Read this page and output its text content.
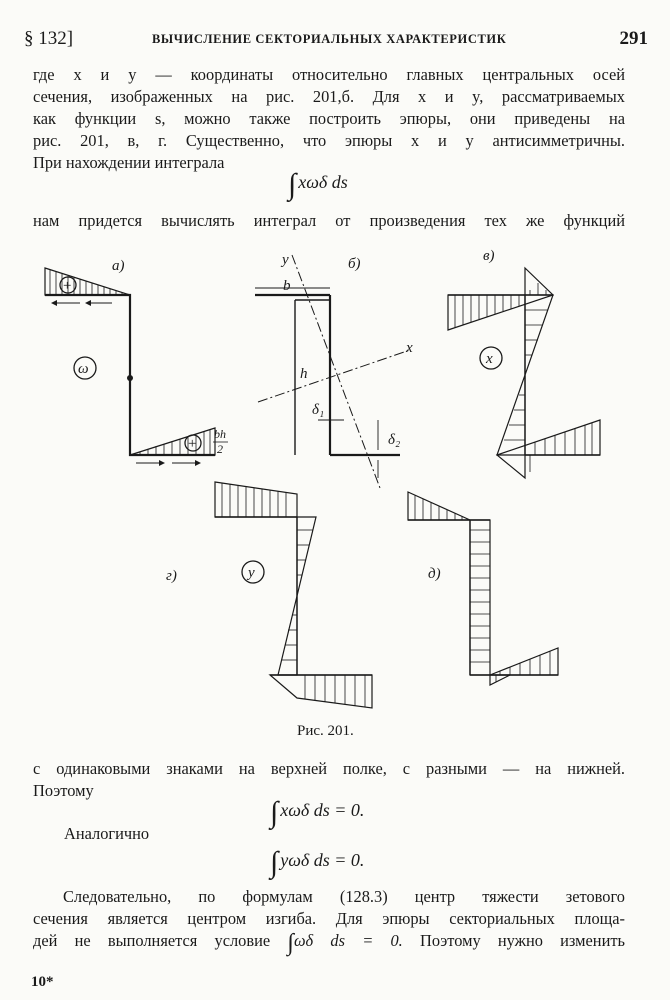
§ 132]	ВЫЧИСЛЕНИЕ СЕКТОРИАЛЬНЫХ ХАРАКТЕРИСТИК	291
где x и y — координаты относительно главных центральных осей
сечения, изображенных на рис. 201,б. Для x и y, рассматриваемых
как функции s, можно также построить эпюры, они приведены на
рис. 201, в, г. Существенно, что эпюры x и y антисимметричны.
При нахождении интеграла
∫ xωδ ds
нам придется вычислять интеграл от произведения тех же функций
+
а)
ω
+
bh
2
b
h
y
x
δ₁
δ₂
б)
x
в)
y
г)	д)
Рис. 201.
с одинаковыми знаками на верхней полке, с разными — на нижней.
Поэтому
∫ xωδ ds = 0.
Аналогично
∫ yωδ ds = 0.
Следовательно, по формулам (128.3) центр тяжести зетового
сечения является центром изгиба. Для эпюры секториальных площа-
дей не выполняется условие ∫ωδ ds = 0. Поэтому нужно изменить
10*
